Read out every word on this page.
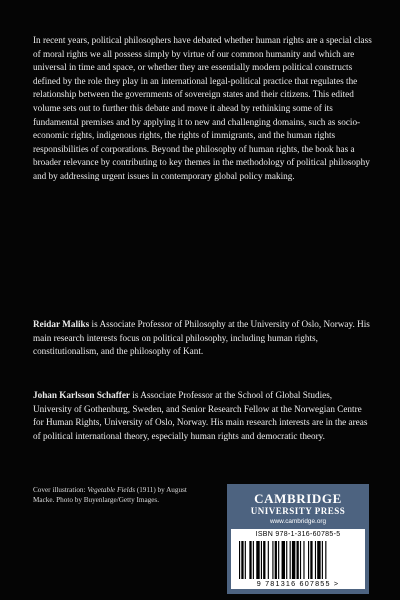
In recent years, political philosophers have debated whether human rights are a special class of moral rights we all possess simply by virtue of our common humanity and which are universal in time and space, or whether they are essentially modern political constructs defined by the role they play in an international legal-political practice that regulates the relationship between the governments of sovereign states and their citizens. This edited volume sets out to further this debate and move it ahead by rethinking some of its fundamental premises and by applying it to new and challenging domains, such as socio-economic rights, indigenous rights, the rights of immigrants, and the human rights responsibilities of corporations. Beyond the philosophy of human rights, the book has a broader relevance by contributing to key themes in the methodology of political philosophy and by addressing urgent issues in contemporary global policy making.

Reidar Maliks is Associate Professor of Philosophy at the University of Oslo, Norway. His main research interests focus on political philosophy, including human rights, constitutionalism, and the philosophy of Kant.

Johan Karlsson Schaffer is Associate Professor at the School of Global Studies, University of Gothenburg, Sweden, and Senior Research Fellow at the Norwegian Centre for Human Rights, University of Oslo, Norway. His main research interests are in the areas of political international theory, especially human rights and democratic theory.

Cover illustration: Vegetable Fields (1911) by August Macke. Photo by Buyenlarge/Getty Images.	CAMBRIDGE
UNIVERSITY PRESS
www.cambridge.org
ISBN 978-1-316-60785-5
9 781316 607855 >
